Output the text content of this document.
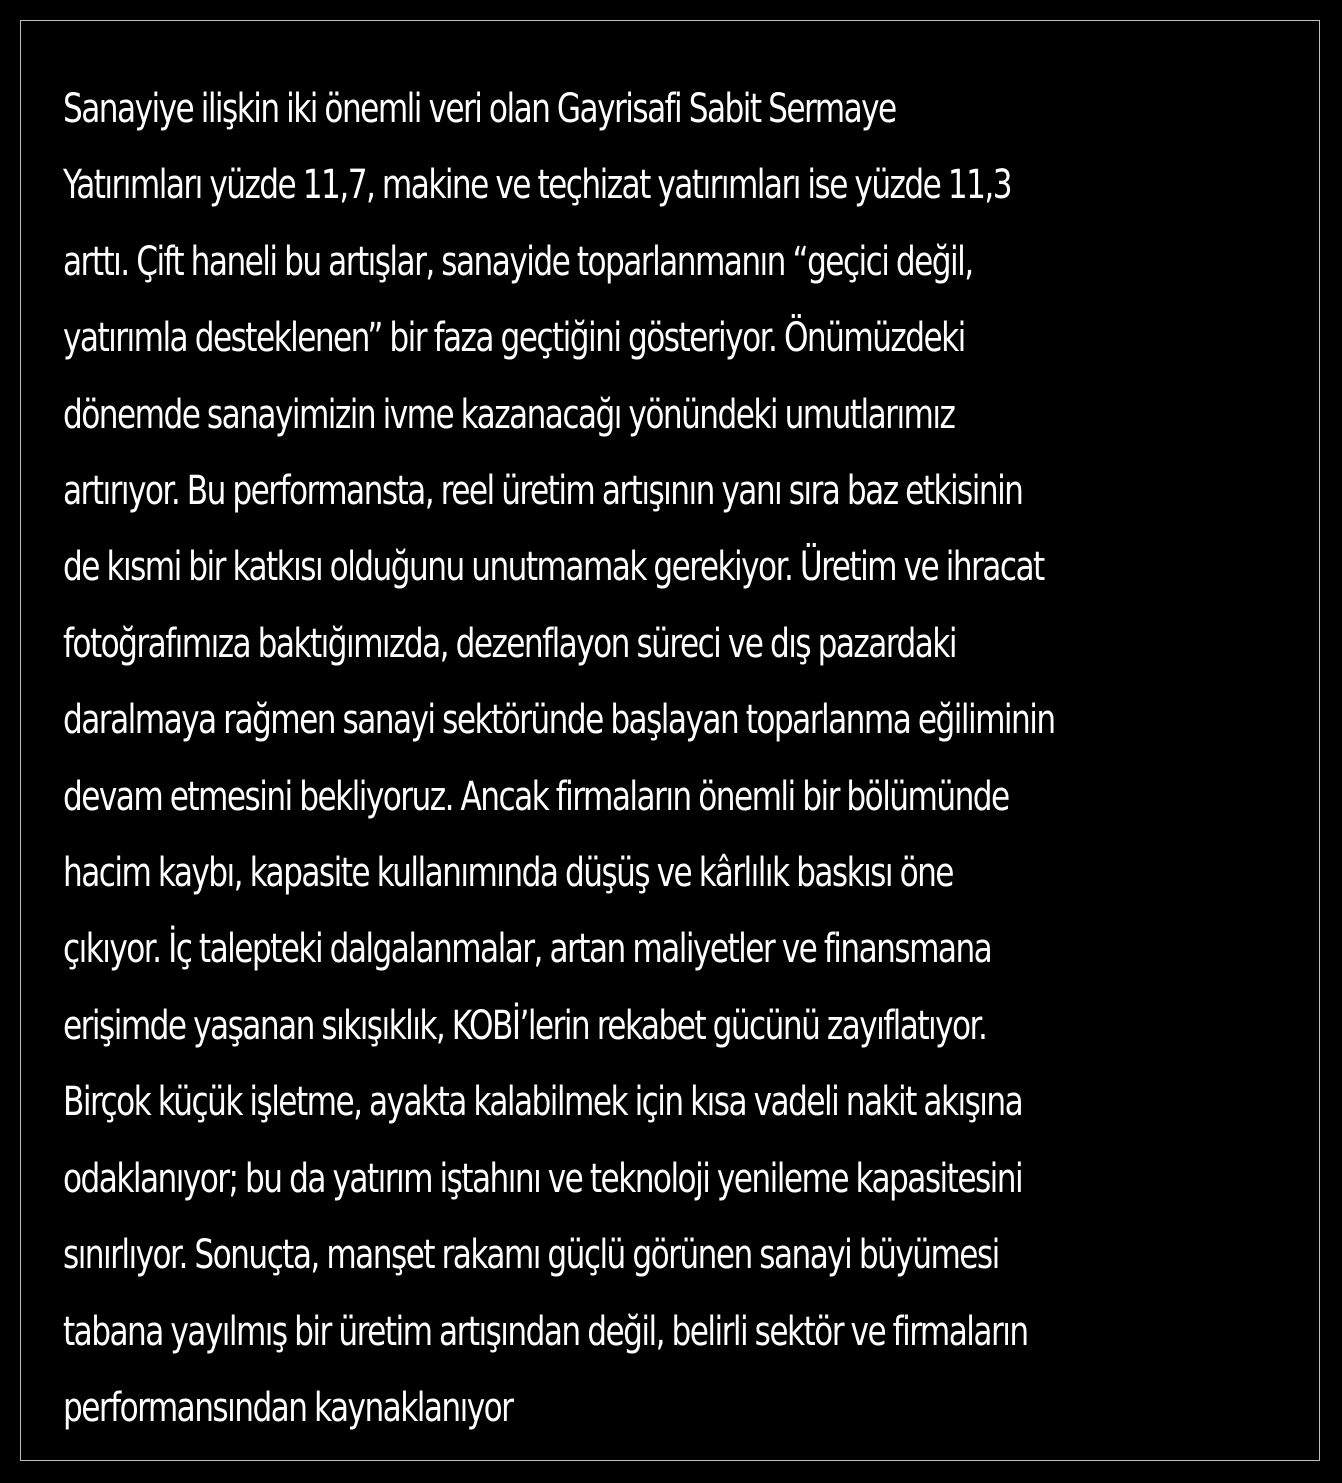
Sanayiye ilişkin iki önemli veri olan Gayrisafi Sabit Sermaye
Yatırımları yüzde 11,7, makine ve teçhizat yatırımları ise yüzde 11,3
arttı. Çift haneli bu artışlar, sanayide toparlanmanın “geçici değil,
yatırımla desteklenen” bir faza geçtiğini gösteriyor. Önümüzdeki
dönemde sanayimizin ivme kazanacağı yönündeki umutlarımız
artırıyor. Bu performansta, reel üretim artışının yanı sıra baz etkisinin
de kısmi bir katkısı olduğunu unutmamak gerekiyor. Üretim ve ihracat
fotoğrafımıza baktığımızda, dezenflayon süreci ve dış pazardaki
daralmaya rağmen sanayi sektöründe başlayan toparlanma eğiliminin
devam etmesini bekliyoruz. Ancak firmaların önemli bir bölümünde
hacim kaybı, kapasite kullanımında düşüş ve kârlılık baskısı öne
çıkıyor. İç talepteki dalgalanmalar, artan maliyetler ve finansmana
erişimde yaşanan sıkışıklık, KOBİ’lerin rekabet gücünü zayıflatıyor.
Birçok küçük işletme, ayakta kalabilmek için kısa vadeli nakit akışına
odaklanıyor; bu da yatırım iştahını ve teknoloji yenileme kapasitesini
sınırlıyor. Sonuçta, manşet rakamı güçlü görünen sanayi büyümesi
tabana yayılmış bir üretim artışından değil, belirli sektör ve firmaların
performansından kaynaklanıyor
